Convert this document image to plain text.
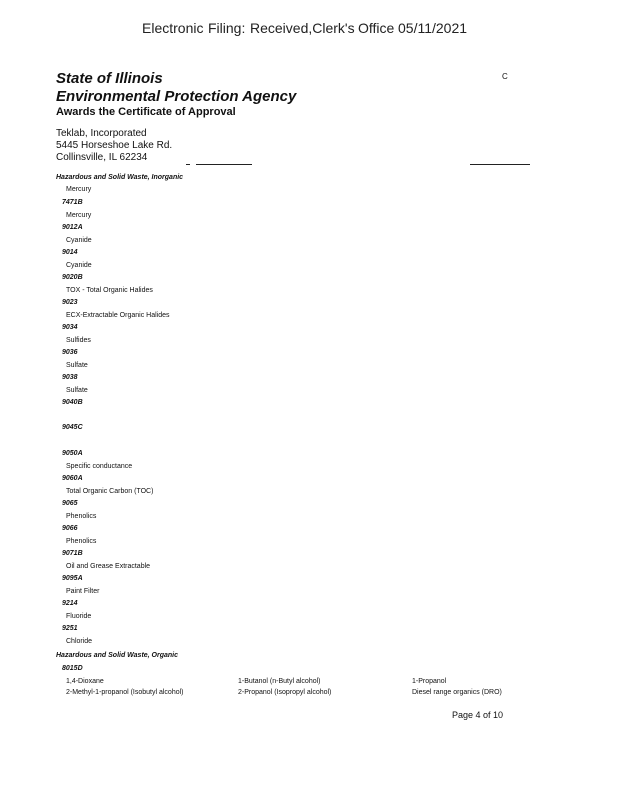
Electronic Filing: Received,Clerk's Office 05/11/2021
State of Illinois
Environmental Protection Agency
Awards the Certificate of Approval
C
Teklab, Incorporated
5445 Horseshoe Lake Rd.
Collinsville, IL 62234
Hazardous and Solid Waste, Inorganic
Mercury
7471B
Mercury
9012A
Cyanide
9014
Cyanide
9020B
TOX - Total Organic Halides
9023
ECX-Extractable Organic Halides
9034
Sulfides
9036
Sulfate
9038
Sulfate
9040B
9045C
9050A
Specific conductance
9060A
Total Organic Carbon (TOC)
9065
Phenolics
9066
Phenolics
9071B
Oil and Grease Extractable
9095A
Paint Filter
9214
Fluoride
9251
Chloride
Hazardous and Solid Waste, Organic
8015D
1,4-Dioxane	1-Butanol (n-Butyl alcohol)	1-Propanol
2-Methyl-1-propanol (Isobutyl alcohol)	2-Propanol (Isopropyl alcohol)	Diesel range organics (DRO)
Page 4 of 10
